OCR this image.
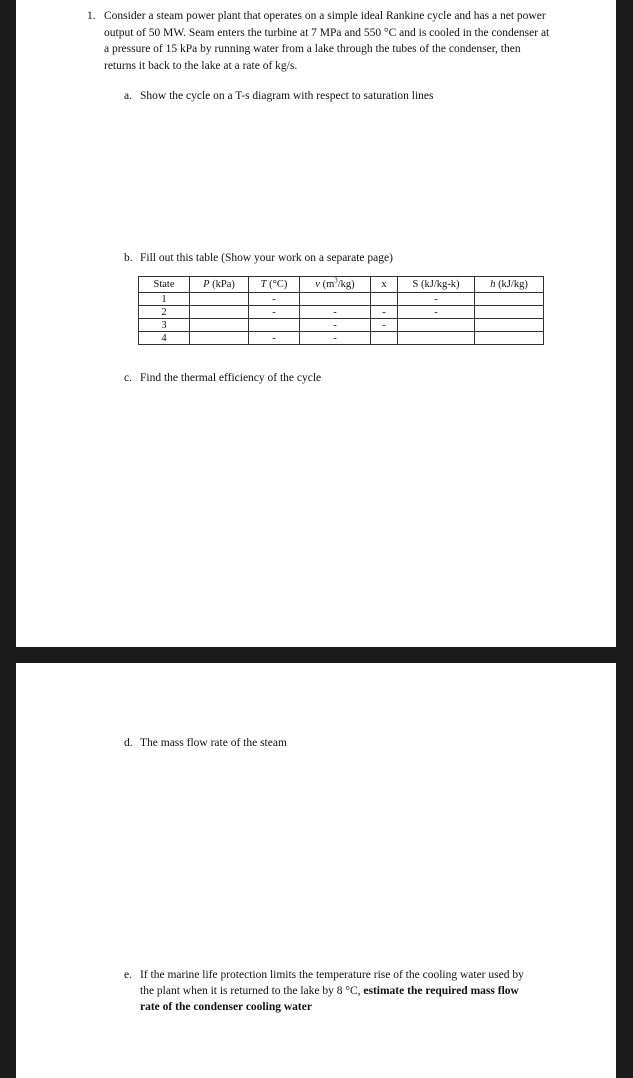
1. Consider a steam power plant that operates on a simple ideal Rankine cycle and has a net power output of 50 MW. Seam enters the turbine at 7 MPa and 550 °C and is cooled in the condenser at a pressure of 15 kPa by running water from a lake through the tubes of the condenser, then returns it back to the lake at a rate of kg/s.
a. Show the cycle on a T-s diagram with respect to saturation lines
b. Fill out this table (Show your work on a separate page)
State	P (kPa)	T (°C)	v $(m^3/kg)$	x	S (kJ/kg-k)	h (kJ/kg)
1		-			-	
2		-	-	-	-	
3			-	-		
4		-	-			
c. Find the thermal efficiency of the cycle
d. The mass flow rate of the steam
e. If the marine life protection limits the temperature rise of the cooling water used by the plant when it is returned to the lake by 8 °C, estimate the required mass flow rate of the condenser cooling water
